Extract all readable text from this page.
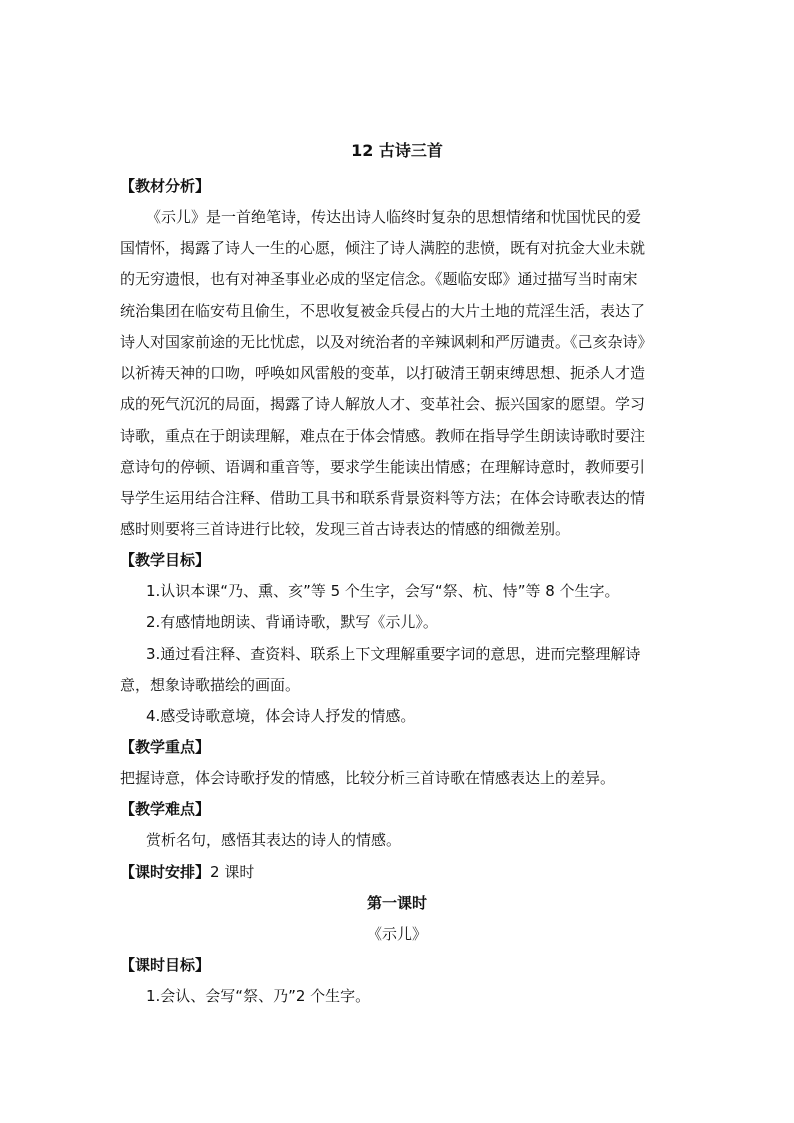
12 古诗三首
【教材分析】
《示儿》是一首绝笔诗，传达出诗人临终时复杂的思想情绪和忧国忧民的爱
国情怀，揭露了诗人一生的心愿，倾注了诗人满腔的悲愤，既有对抗金大业未就
的无穷遗恨，也有对神圣事业必成的坚定信念。《题临安邸》通过描写当时南宋
统治集团在临安苟且偷生，不思收复被金兵侵占的大片土地的荒淫生活，表达了
诗人对国家前途的无比忧虑，以及对统治者的辛辣讽刺和严厉谴责。《己亥杂诗》
以祈祷天神的口吻，呼唤如风雷般的变革，以打破清王朝束缚思想、扼杀人才造
成的死气沉沉的局面，揭露了诗人解放人才、变革社会、振兴国家的愿望。学习
诗歌，重点在于朗读理解，难点在于体会情感。教师在指导学生朗读诗歌时要注
意诗句的停顿、语调和重音等，要求学生能读出情感；在理解诗意时，教师要引
导学生运用结合注释、借助工具书和联系背景资料等方法；在体会诗歌表达的情
感时则要将三首诗进行比较，发现三首古诗表达的情感的细微差别。
【教学目标】
1.认识本课“乃、熏、亥”等 5 个生字，会写“祭、杭、恃”等 8 个生字。
2.有感情地朗读、背诵诗歌，默写《示儿》。
3.通过看注释、查资料、联系上下文理解重要字词的意思，进而完整理解诗
意，想象诗歌描绘的画面。
4.感受诗歌意境，体会诗人抒发的情感。
【教学重点】
把握诗意，体会诗歌抒发的情感，比较分析三首诗歌在情感表达上的差异。
【教学难点】
赏析名句，感悟其表达的诗人的情感。
【课时安排】2 课时
第一课时
《示儿》
【课时目标】
1.会认、会写“祭、乃”2 个生字。
